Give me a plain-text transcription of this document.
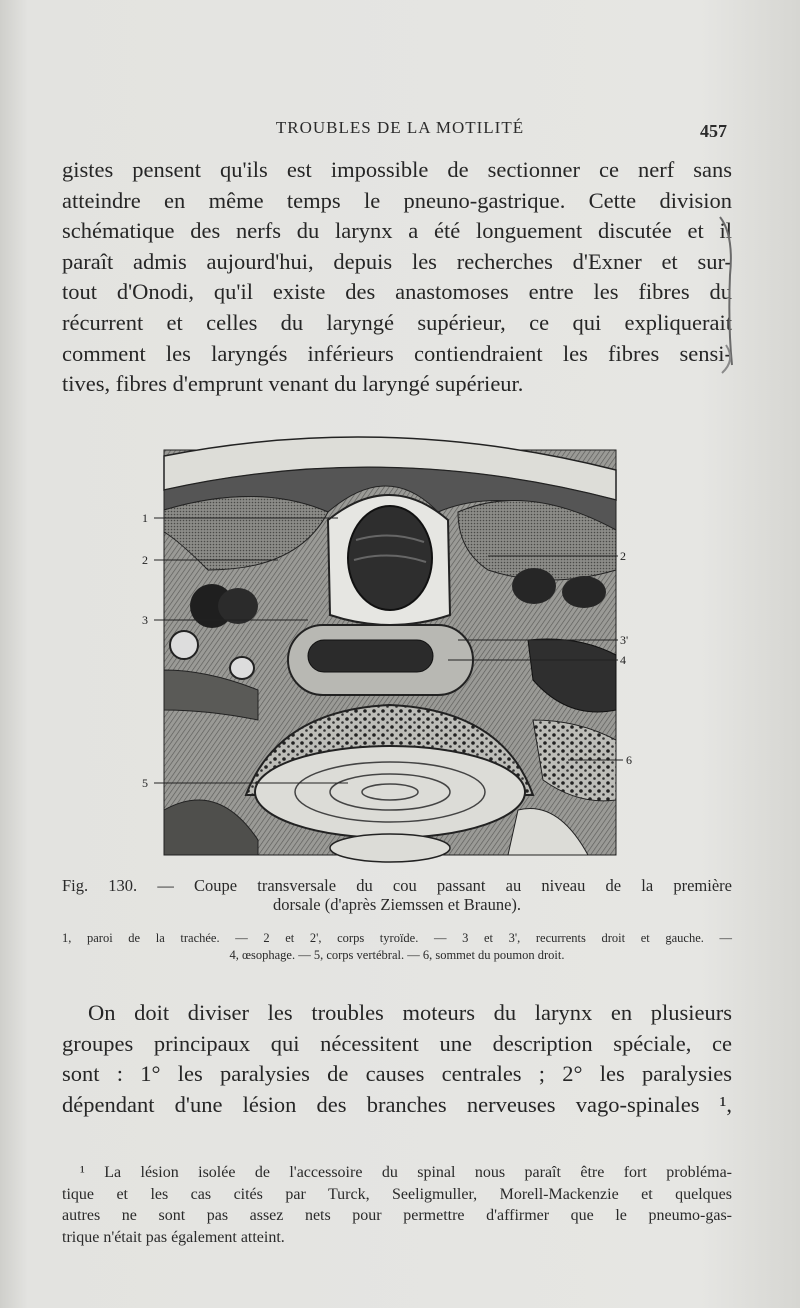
TROUBLES DE LA MOTILITÉ	457
gistes pensent qu'ils est impossible de sectionner ce nerf sans
atteindre en même temps le pneuno-gastrique. Cette division
schématique des nerfs du larynx a été longuement discutée et il
paraît admis aujourd'hui, depuis les recherches d'Exner et sur-
tout d'Onodi, qu'il existe des anastomoses entre les fibres du
récurrent et celles du laryngé supérieur, ce qui expliquerait
comment les laryngés inférieurs contiendraient les fibres sensi-
tives, fibres d'emprunt venant du laryngé supérieur.
1
2
3
5
2
3'
4
6
Fig. 130. — Coupe transversale du cou passant au niveau de la première
dorsale (d'après Ziemssen et Braune).
1, paroi de la trachée. — 2 et 2', corps tyroïde. — 3 et 3', recurrents droit et gauche. —
4, œsophage. — 5, corps vertébral. — 6, sommet du poumon droit.
On doit diviser les troubles moteurs du larynx en plusieurs
groupes principaux qui nécessitent une description spéciale, ce
sont : 1° les paralysies de causes centrales ; 2° les paralysies
dépendant d'une lésion des branches nerveuses vago-spinales ¹,
¹ La lésion isolée de l'accessoire du spinal nous paraît être fort probléma-
tique et les cas cités par Turck, Seeligmuller, Morell-Mackenzie et quelques
autres ne sont pas assez nets pour permettre d'affirmer que le pneumo-gas-
trique n'était pas également atteint.
